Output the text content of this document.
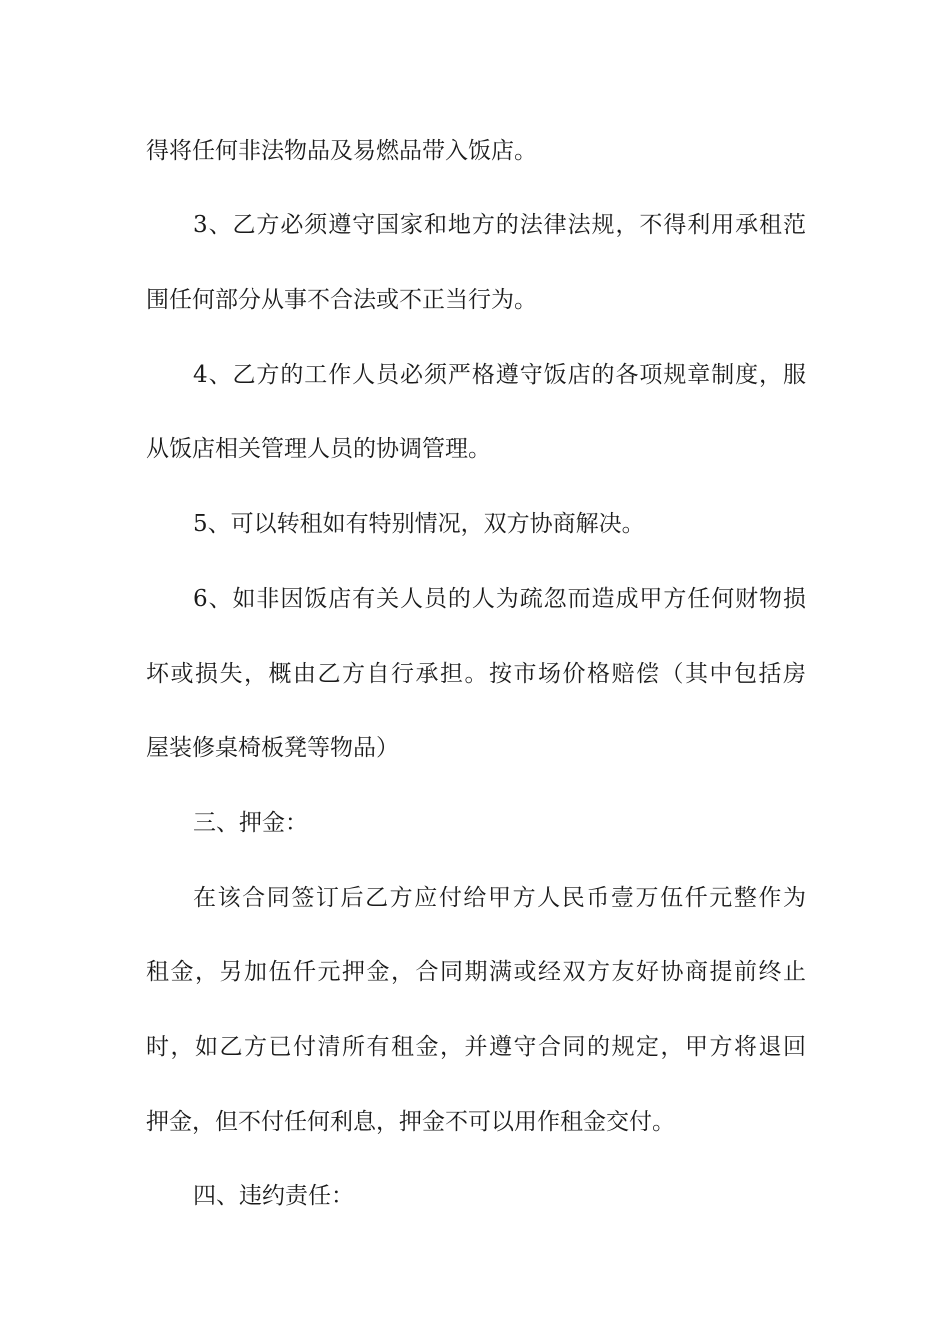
得将任何非法物品及易燃品带入饭店。
3、乙方必须遵守国家和地方的法律法规，不得利用承租范
围任何部分从事不合法或不正当行为。
4、乙方的工作人员必须严格遵守饭店的各项规章制度，服
从饭店相关管理人员的协调管理。
5、可以转租如有特别情况，双方协商解决。
6、如非因饭店有关人员的人为疏忽而造成甲方任何财物损
坏或损失，概由乙方自行承担。按市场价格赔偿（其中包括房
屋装修桌椅板凳等物品）
三、押金：
在该合同签订后乙方应付给甲方人民币壹万伍仟元整作为
租金，另加伍仟元押金，合同期满或经双方友好协商提前终止
时，如乙方已付清所有租金，并遵守合同的规定，甲方将退回
押金，但不付任何利息，押金不可以用作租金交付。
四、违约责任：
